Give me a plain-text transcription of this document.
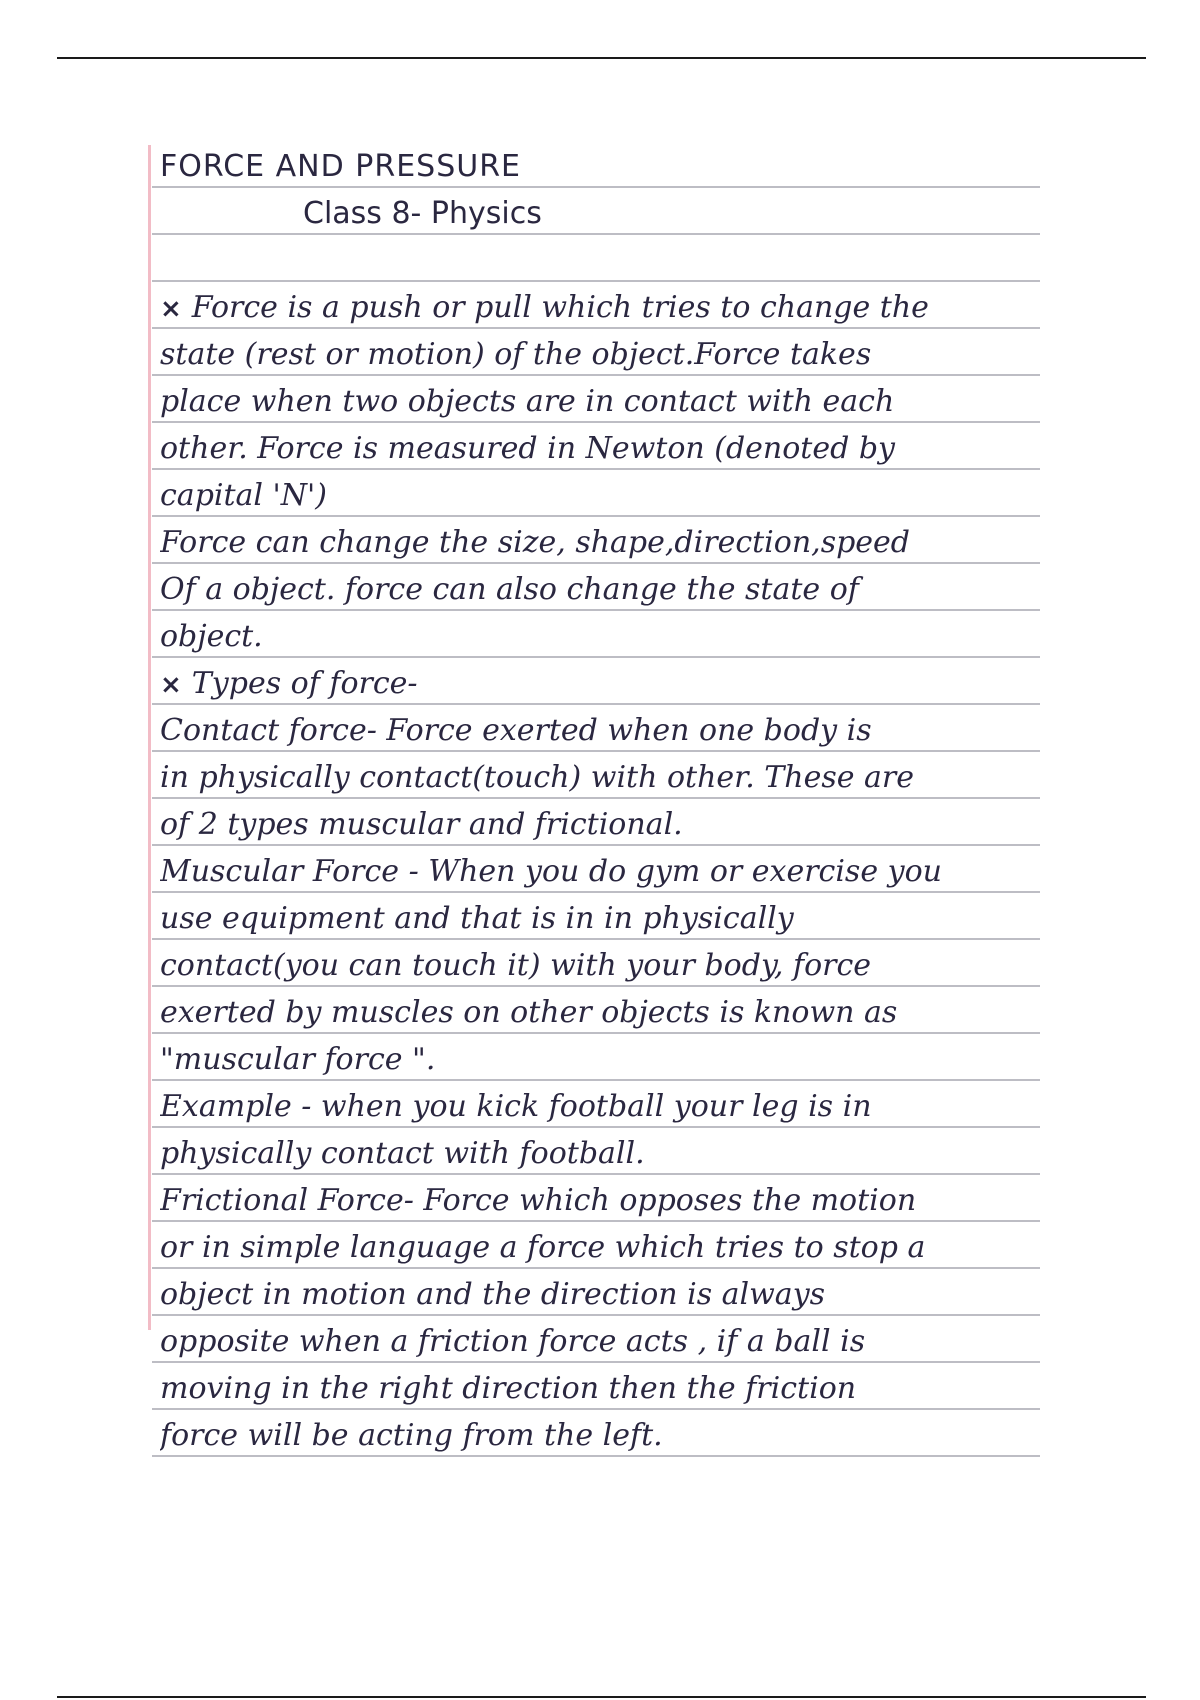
FORCE AND PRESSURE
Class 8- Physics
× Force is a push or pull which tries to change the
state (rest or motion) of the object.Force takes
place when two objects are in contact with each
other. Force is measured in Newton (denoted by
capital 'N')
Force can change the size, shape,direction,speed
Of a object. force can also change the state of
object.
× Types of force-
Contact force- Force exerted when one body is
in physically contact(touch) with other. These are
of 2 types muscular and frictional.
Muscular Force - When you do gym or exercise you
use equipment and that is in in physically
contact(you can touch it) with your body, force
exerted by muscles on other objects is known as
"muscular force ".
Example - when you kick football your leg is in
physically contact with football.
Frictional Force- Force which opposes the motion
or in simple language a force which tries to stop a
object in motion and the direction is always
opposite when a friction force acts , if a ball is
moving in the right direction then the friction
force will be acting from the left.
